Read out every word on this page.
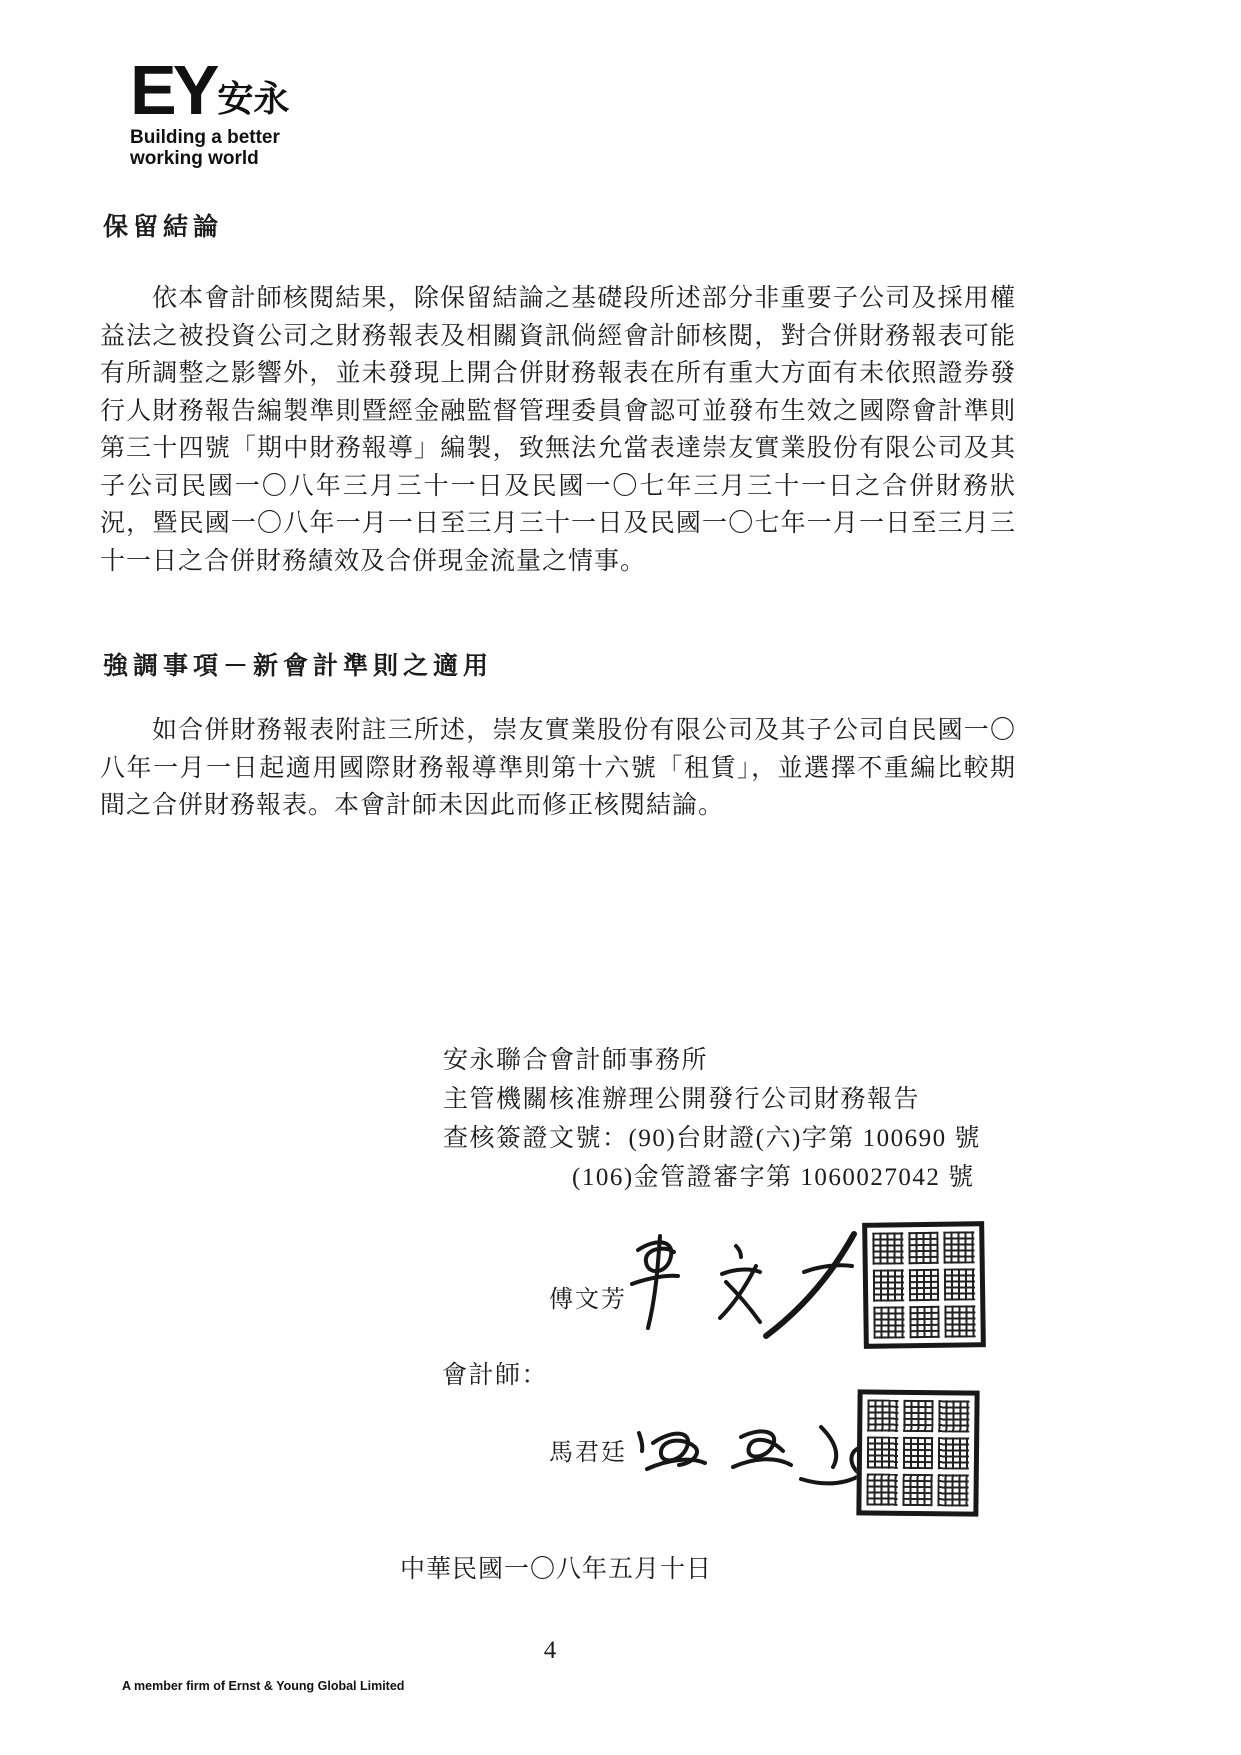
EY 安永
Building a better
working world
保留結論
依本會計師核閱結果，除保留結論之基礎段所述部分非重要子公司及採用權益法之被投資公司之財務報表及相關資訊倘經會計師核閱，對合併財務報表可能有所調整之影響外，並未發現上開合併財務報表在所有重大方面有未依照證券發行人財務報告編製準則暨經金融監督管理委員會認可並發布生效之國際會計準則第三十四號「期中財務報導」編製，致無法允當表達崇友實業股份有限公司及其子公司民國一〇八年三月三十一日及民國一〇七年三月三十一日之合併財務狀況，暨民國一〇八年一月一日至三月三十一日及民國一〇七年一月一日至三月三十一日之合併財務績效及合併現金流量之情事。
強調事項－新會計準則之適用
如合併財務報表附註三所述，崇友實業股份有限公司及其子公司自民國一〇八年一月一日起適用國際財務報導準則第十六號「租賃」，並選擇不重編比較期間之合併財務報表。本會計師未因此而修正核閱結論。
安永聯合會計師事務所
主管機關核准辦理公開發行公司財務報告
查核簽證文號：(90)台財證(六)字第 100690 號
(106)金管證審字第 1060027042 號
傅文芳
會計師：
馬君廷
中華民國一〇八年五月十日
4
A member firm of Ernst & Young Global Limited
